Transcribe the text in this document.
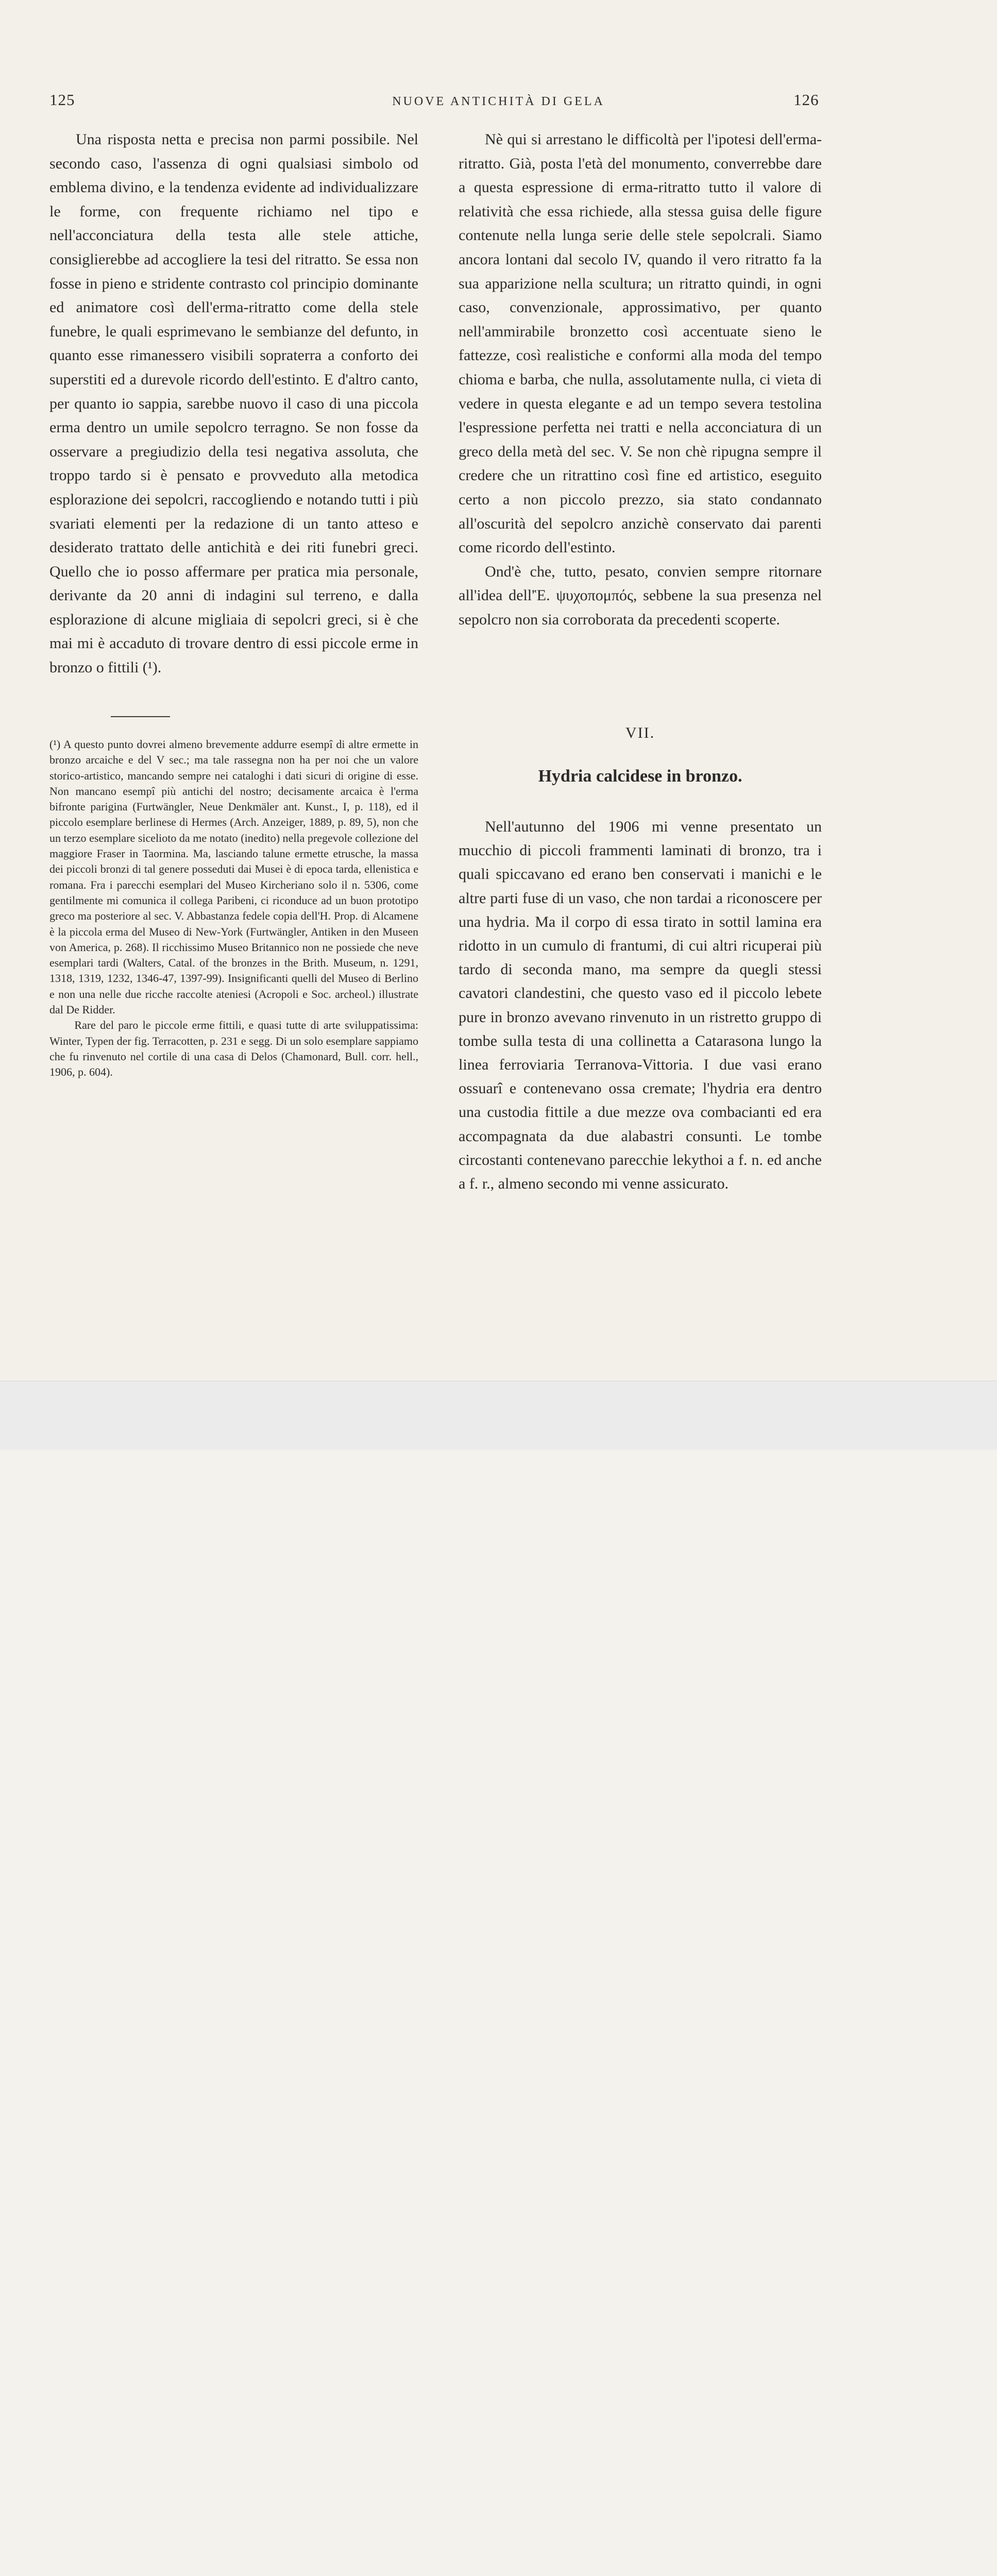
125	NUOVE ANTICHITÀ DI GELA	126

Una risposta netta e precisa non parmi possibile. Nel secondo caso, l'assenza di ogni qualsiasi simbolo od emblema divino, e la tendenza evidente ad individualizzare le forme, con frequente richiamo nel tipo e nell'acconciatura della testa alle stele attiche, consiglierebbe ad accogliere la tesi del ritratto. Se essa non fosse in pieno e stridente contrasto col principio dominante ed animatore così dell'erma-ritratto come della stele funebre, le quali esprimevano le sembianze del defunto, in quanto esse rimanessero visibili sopraterra a conforto dei superstiti ed a durevole ricordo dell'estinto. E d'altro canto, per quanto io sappia, sarebbe nuovo il caso di una piccola erma dentro un umile sepolcro terragno. Se non fosse da osservare a pregiudizio della tesi negativa assoluta, che troppo tardo si è pensato e provveduto alla metodica esplorazione dei sepolcri, raccogliendo e notando tutti i più svariati elementi per la redazione di un tanto atteso e desiderato trattato delle antichità e dei riti funebri greci. Quello che io posso affermare per pratica mia personale, derivante da 20 anni di indagini sul terreno, e dalla esplorazione di alcune migliaia di sepolcri greci, si è che mai mi è accaduto di trovare dentro di essi piccole erme in bronzo o fittili (¹).

(¹) A questo punto dovrei almeno brevemente addurre esempî di altre ermette in bronzo arcaiche e del V sec.; ma tale rassegna non ha per noi che un valore storico-artistico, mancando sempre nei cataloghi i dati sicuri di origine di esse. Non mancano esempî più antichi del nostro; decisamente arcaica è l'erma bifronte parigina (Furtwängler, Neue Denkmäler ant. Kunst., I, p. 118), ed il piccolo esemplare berlinese di Hermes (Arch. Anzeiger, 1889, p. 89, 5), non che un terzo esemplare sicelioto da me notato (inedito) nella pregevole collezione del maggiore Fraser in Taormina. Ma, lasciando talune ermette etrusche, la massa dei piccoli bronzi di tal genere posseduti dai Musei è di epoca tarda, ellenistica e romana. Fra i parecchi esemplari del Museo Kircheriano solo il n. 5306, come gentilmente mi comunica il collega Paribeni, ci riconduce ad un buon prototipo greco ma posteriore al sec. V. Abbastanza fedele copia dell'H. Prop. di Alcamene è la piccola erma del Museo di New-York (Furtwängler, Antiken in den Museen von America, p. 268). Il ricchissimo Museo Britannico non ne possiede che neve esemplari tardi (Walters, Catal. of the bronzes in the Brith. Museum, n. 1291, 1318, 1319, 1232, 1346-47, 1397-99). Insignificanti quelli del Museo di Berlino e non una nelle due ricche raccolte ateniesi (Acropoli e Soc. archeol.) illustrate dal De Ridder.

Rare del paro le piccole erme fittili, e quasi tutte di arte sviluppatissima: Winter, Typen der fig. Terracotten, p. 231 e segg. Di un solo esemplare sappiamo che fu rinvenuto nel cortile di una casa di Delos (Chamonard, Bull. corr. hell., 1906, p. 604).

Nè qui si arrestano le difficoltà per l'ipotesi dell'erma-ritratto. Già, posta l'età del monumento, converrebbe dare a questa espressione di erma-ritratto tutto il valore di relatività che essa richiede, alla stessa guisa delle figure contenute nella lunga serie delle stele sepolcrali. Siamo ancora lontani dal secolo IV, quando il vero ritratto fa la sua apparizione nella scultura; un ritratto quindi, in ogni caso, convenzionale, approssimativo, per quanto nell'ammirabile bronzetto così accentuate sieno le fattezze, così realistiche e conformi alla moda del tempo chioma e barba, che nulla, assolutamente nulla, ci vieta di vedere in questa elegante e ad un tempo severa testolina l'espressione perfetta nei tratti e nella acconciatura di un greco della metà del sec. V. Se non chè ripugna sempre il credere che un ritrattino così fine ed artistico, eseguito certo a non piccolo prezzo, sia stato condannato all'oscurità del sepolcro anzichè conservato dai parenti come ricordo dell'estinto.

Ond'è che, tutto, pesato, convien sempre ritornare all'idea dell'Ἑ. ψυχοπομπός, sebbene la sua presenza nel sepolcro non sia corroborata da precedenti scoperte.

VII.
Hydria calcidese in bronzo.

Nell'autunno del 1906 mi venne presentato un mucchio di piccoli frammenti laminati di bronzo, tra i quali spiccavano ed erano ben conservati i manichi e le altre parti fuse di un vaso, che non tardai a riconoscere per una hydria. Ma il corpo di essa tirato in sottil lamina era ridotto in un cumulo di frantumi, di cui altri ricuperai più tardo di seconda mano, ma sempre da quegli stessi cavatori clandestini, che questo vaso ed il piccolo lebete pure in bronzo avevano rinvenuto in un ristretto gruppo di tombe sulla testa di una collinetta a Catarasona lungo la linea ferroviaria Terranova-Vittoria. I due vasi erano ossuarî e contenevano ossa cremate; l'hydria era dentro una custodia fittile a due mezze ova combacianti ed era accompagnata da due alabastri consunti. Le tombe circostanti contenevano parecchie lekythoi a f. n. ed anche a f. r., almeno secondo mi venne assicurato.
